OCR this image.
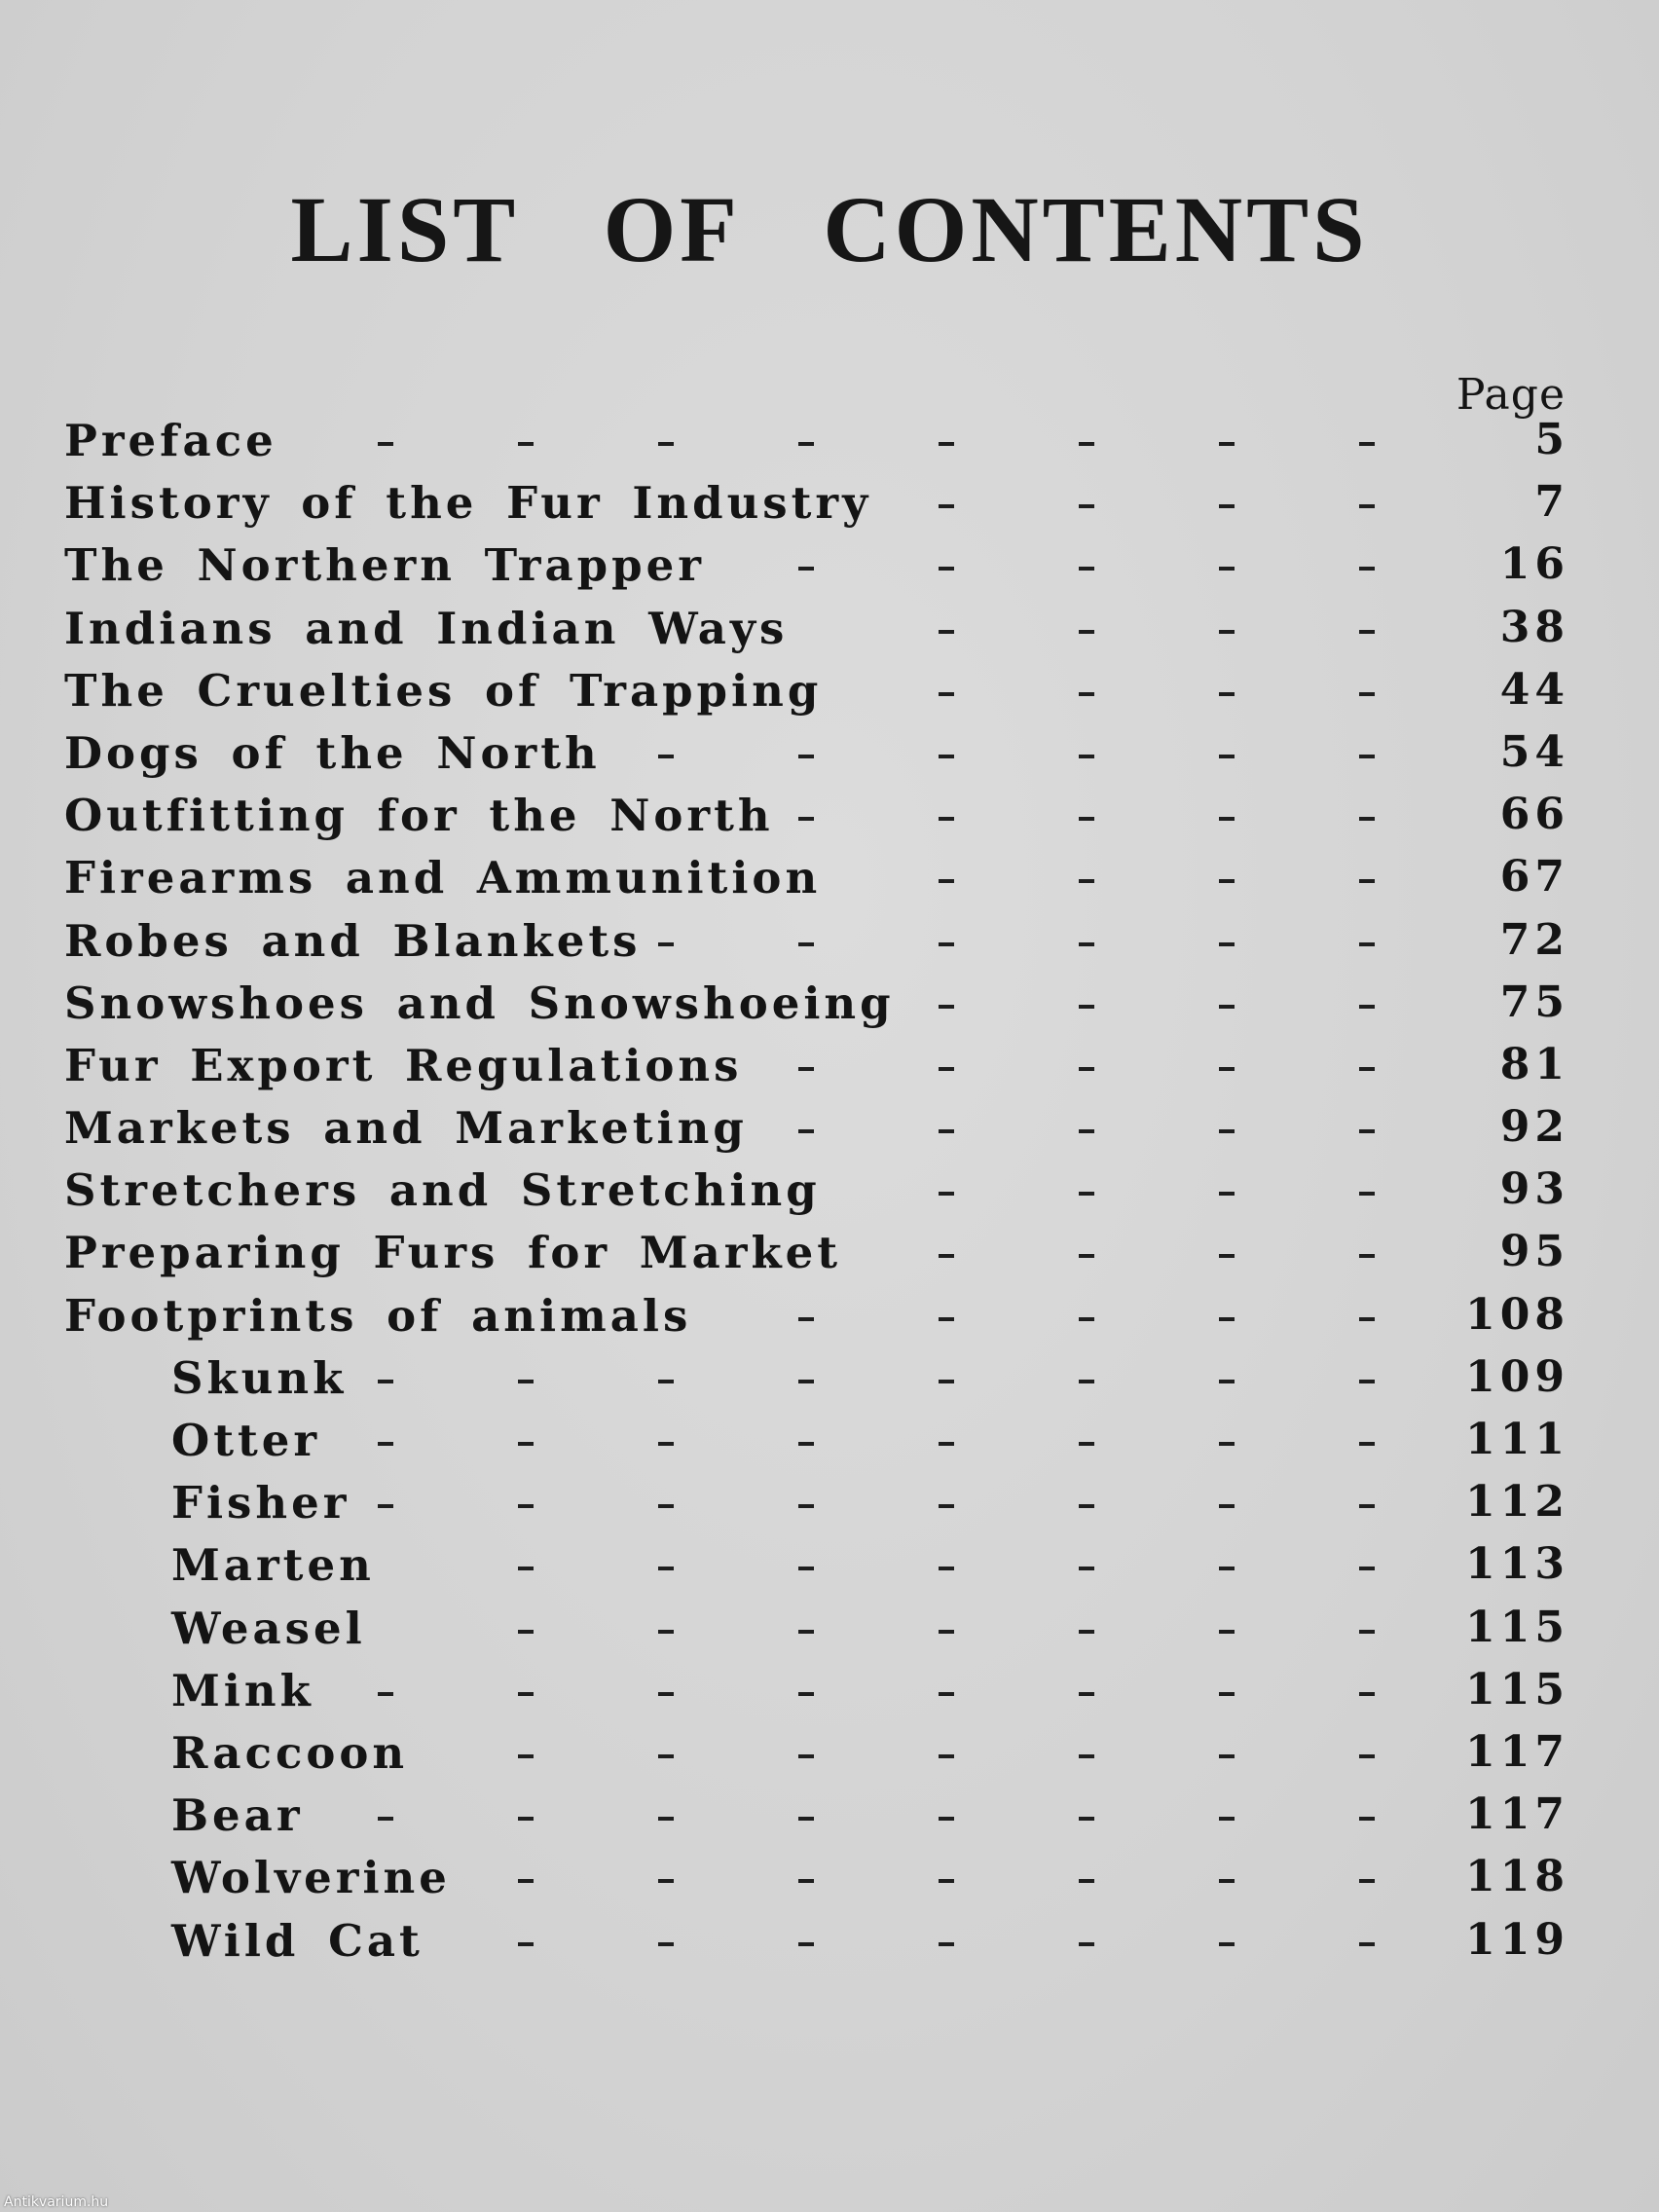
LIST OF CONTENTS
Page
Preface	5
History of the Fur Industry	7
The Northern Trapper	16
Indians and Indian Ways	38
The Cruelties of Trapping	44
Dogs of the North	54
Outfitting for the North	66
Firearms and Ammunition	67
Robes and Blankets	72
Snowshoes and Snowshoeing	75
Fur Export Regulations	81
Markets and Marketing	92
Stretchers and Stretching	93
Preparing Furs for Market	95
Footprints of animals	108
Skunk	109
Otter	111
Fisher	112
Marten	113
Weasel	115
Mink	115
Raccoon	117
Bear	117
Wolverine	118
Wild Cat	119
Antikvarium.hu
